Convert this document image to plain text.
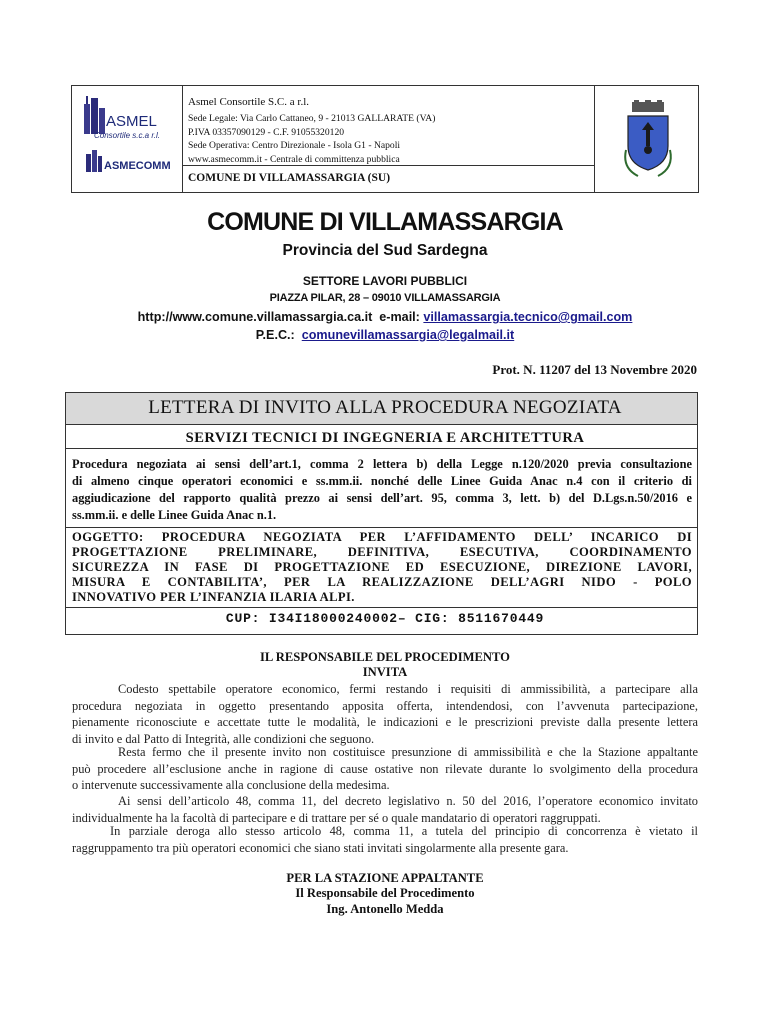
ASMEL
Consortile s.c.a r.l.
ASMECOMM
Asmel Consortile S.C. a r.l.
Sede Legale: Via Carlo Cattaneo, 9 - 21013 GALLARATE (VA)
P.IVA 03357090129 - C.F. 91055320120
Sede Operativa: Centro Direzionale - Isola G1 - Napoli
www.asmecomm.it - Centrale di committenza pubblica
COMUNE DI VILLAMASSARGIA (SU)
COMUNE DI VILLAMASSARGIA
Provincia del Sud Sardegna
SETTORE LAVORI PUBBLICI
PIAZZA PILAR, 28 – 09010 VILLAMASSARGIA
http://www.comune.villamassargia.ca.it  e-mail: villamassargia.tecnico@gmail.com
P.E.C.:  comunevillamassargia@legalmail.it
Prot. N. 11207 del 13 Novembre 2020
LETTERA DI INVITO ALLA PROCEDURA NEGOZIATA
SERVIZI TECNICI DI INGEGNERIA E ARCHITETTURA
Procedura negoziata ai sensi dell’art.1, comma 2 lettera b) della Legge n.120/2020 previa consultazione
di almeno cinque operatori economici e ss.mm.ii. nonché delle Linee Guida Anac n.4 con il criterio di
aggiudicazione del rapporto qualità prezzo ai sensi dell’art. 95, comma 3, lett. b) del D.Lgs.n.50/2016 e
ss.mm.ii. e delle Linee Guida Anac n.1.
OGGETTO: PROCEDURA NEGOZIATA PER L’AFFIDAMENTO DELL’ INCARICO DI
PROGETTAZIONE PRELIMINARE, DEFINITIVA, ESECUTIVA, COORDINAMENTO
SICUREZZA IN FASE DI PROGETTAZIONE ED ESECUZIONE, DIREZIONE LAVORI,
MISURA E CONTABILITA’, PER LA REALIZZAZIONE DELL’AGRI NIDO - POLO
INNOVATIVO PER L’INFANZIA ILARIA ALPI.
CUP: I34I18000240002– CIG: 8511670449
IL RESPONSABILE DEL PROCEDIMENTO
INVITA
Codesto spettabile operatore economico, fermi restando i requisiti di ammissibilità, a partecipare alla
procedura negoziata in oggetto presentando apposita offerta, intendendosi, con l’avvenuta partecipazione,
pienamente riconosciute e accettate tutte le modalità, le indicazioni e le prescrizioni previste dalla presente lettera
di invito e dal Patto di Integrità, alle condizioni che seguono.
Resta fermo che il presente invito non costituisce presunzione di ammissibilità e che la Stazione appaltante
può procedere all’esclusione anche in ragione di cause ostative non rilevate durante lo svolgimento della procedura
o intervenute successivamente alla conclusione della medesima.
Ai sensi dell’articolo 48, comma 11, del decreto legislativo n. 50 del 2016, l’operatore economico invitato
individualmente ha la facoltà di partecipare e di trattare per sé o quale mandatario di operatori raggruppati.
In parziale deroga allo stesso articolo 48, comma 11, a tutela del principio di concorrenza è vietato il
raggruppamento tra più operatori economici che siano stati invitati singolarmente alla presente gara.
PER LA STAZIONE APPALTANTE
Il Responsabile del Procedimento
Ing. Antonello Medda
